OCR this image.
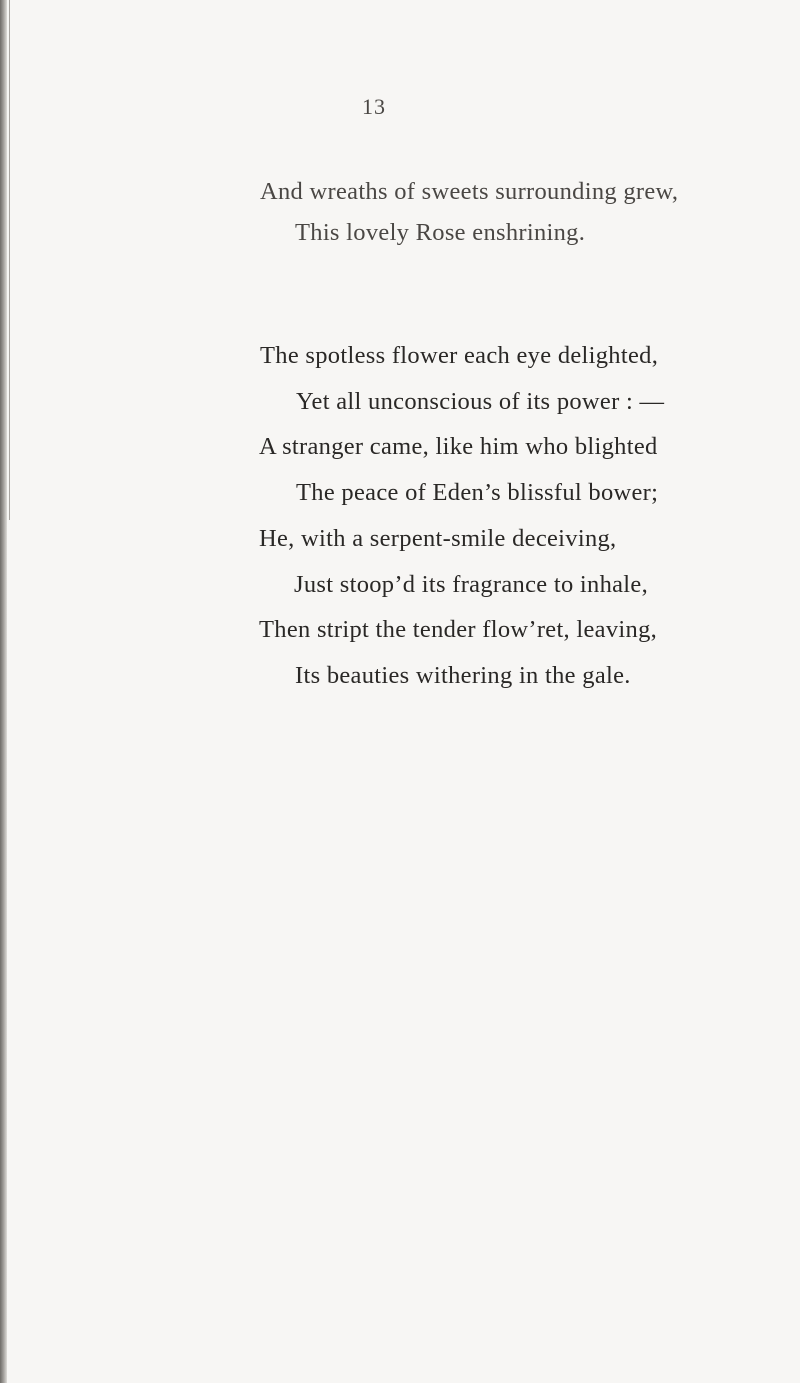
13
And wreaths of sweets surrounding grew,
This lovely Rose enshrining.
The spotless flower each eye delighted,
Yet all unconscious of its power : —
A stranger came, like him who blighted
The peace of Eden’s blissful bower;
He, with a serpent-smile deceiving,
Just stoop’d its fragrance to inhale,
Then stript the tender flow’ret, leaving,
Its beauties withering in the gale.
